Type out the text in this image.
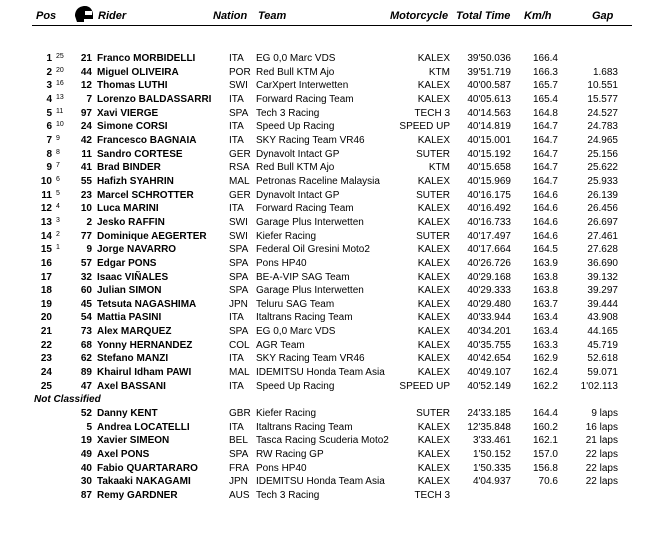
Pos	Rider	Nation Team	Motorcycle Total Time Km/h	Gap
1 25	21 Franco MORBIDELLI	ITA EG 0,0 Marc VDS	KALEX	39'50.036	166.4
2 20	44 Miguel OLIVEIRA	POR Red Bull KTM Ajo	KTM	39'51.719	166.3	1.683
3 16	12 Thomas LUTHI	SWI CarXpert Interwetten	KALEX	40'00.587	165.7	10.551
4 13	7 Lorenzo BALDASSARRI ITA Forward Racing Team	KALEX	40'05.613	165.4	15.577
5 11	97 Xavi VIERGE	SPA Tech 3 Racing	TECH 3	40'14.563	164.8	24.527
6 10	24 Simone CORSI	ITA Speed Up Racing	SPEED UP	40'14.819	164.7	24.783
7 9	42 Francesco BAGNAIA	ITA SKY Racing Team VR46	KALEX	40'15.001	164.7	24.965
8 8	11 Sandro CORTESE	GER Dynavolt Intact GP	SUTER	40'15.192	164.7	25.156
9 7	41 Brad BINDER	RSA Red Bull KTM Ajo	KTM	40'15.658	164.7	25.622
10 6	55 Hafizh SYAHRIN	MAL Petronas Raceline Malaysia	KALEX	40'15.969	164.7	25.933
11 5	23 Marcel SCHROTTER	GER Dynavolt Intact GP	SUTER	40'16.175	164.6	26.139
12 4	10 Luca MARINI	ITA Forward Racing Team	KALEX	40'16.492	164.6	26.456
13 3	2 Jesko RAFFIN	SWI Garage Plus Interwetten	KALEX	40'16.733	164.6	26.697
14 2	77 Dominique AEGERTER SWI Kiefer Racing	SUTER	40'17.497	164.6	27.461
15 1	9 Jorge NAVARRO	SPA Federal Oil Gresini Moto2	KALEX	40'17.664	164.5	27.628
16	57 Edgar PONS	SPA Pons HP40	KALEX	40'26.726	163.9	36.690
17	32 Isaac VIÑALES	SPA BE-A-VIP SAG Team	KALEX	40'29.168	163.8	39.132
18	60 Julian SIMON	SPA Garage Plus Interwetten	KALEX	40'29.333	163.8	39.297
19	45 Tetsuta NAGASHIMA	JPN Teluru SAG Team	KALEX	40'29.480	163.7	39.444
20	54 Mattia PASINI	ITA Italtrans Racing Team	KALEX	40'33.944	163.4	43.908
21	73 Alex MARQUEZ	SPA EG 0,0 Marc VDS	KALEX	40'34.201	163.4	44.165
22	68 Yonny HERNANDEZ	COL AGR Team	KALEX	40'35.755	163.3	45.719
23	62 Stefano MANZI	ITA SKY Racing Team VR46	KALEX	40'42.654	162.9	52.618
24	89 Khairul Idham PAWI	MAL IDEMITSU Honda Team Asia	KALEX	40'49.107	162.4	59.071
25	47 Axel BASSANI	ITA Speed Up Racing	SPEED UP	40'52.149	162.2 1'02.113
Not Classified
52 Danny KENT	GBR Kiefer Racing	SUTER	24'33.185	164.4	9 laps
5 Andrea LOCATELLI	ITA Italtrans Racing Team	KALEX	12'35.848	160.2	16 laps
19 Xavier SIMEON	BEL Tasca Racing Scuderia Moto2	KALEX	3'33.461	162.1	21 laps
49 Axel PONS	SPA RW Racing GP	KALEX	1'50.152	157.0	22 laps
40 Fabio QUARTARARO	FRA Pons HP40	KALEX	1'50.335	156.8	22 laps
30 Takaaki NAKAGAMI	JPN IDEMITSU Honda Team Asia	KALEX	4'04.937	70.6	22 laps
87 Remy GARDNER	AUS Tech 3 Racing	TECH 3
